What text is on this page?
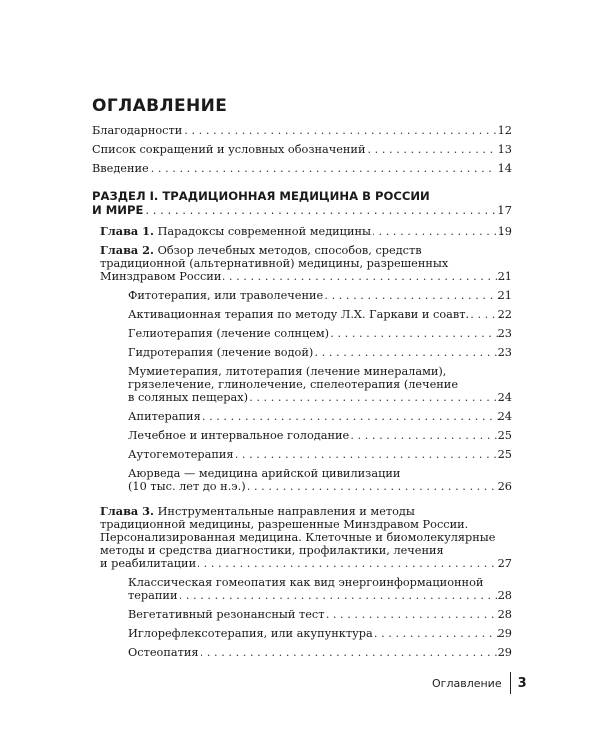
ОГЛАВЛЕНИЕ
Благодарности . . .	12
Список сокращений и условных обозначений . . .	13
Введение . . .	14
РАЗДЕЛ I. ТРАДИЦИОННАЯ МЕДИЦИНА В РОССИИ
И МИРЕ . . .	17
Глава 1. Парадоксы современной медицины . . .	19
Глава 2. Обзор лечебных методов, способов, средств
традиционной (альтернативной) медицины, разрешенных
Минздравом России . . .	21
Фитотерапия, или траволечение . . .	21
Активационная терапия по методу Л.Х. Гаркави и соавт. . . .	22
Гелиотерапия (лечение солнцем) . . .	23
Гидротерапия (лечение водой) . . .	23
Мумиетерапия, литотерапия (лечение минералами),
грязелечение, глинолечение, спелеотерапия (лечение
в соляных пещерах) . . .	24
Апитерапия . . .	24
Лечебное и интервальное голодание . . .	25
Аутогемотерапия . . .	25
Аюрведа — медицина арийской цивилизации
(10 тыс. лет до н.э.) . . .	26
Глава 3. Инструментальные направления и методы
традиционной медицины, разрешенные Минздравом России.
Персонализированная медицина. Клеточные и биомолекулярные
методы и средства диагностики, профилактики, лечения
и реабилитации . . .	27
Классическая гомеопатия как вид энергоинформационной
терапии . . .	28
Вегетативный резонансный тест . . .	28
Иглорефлексотерапия, или акупунктура . . .	29
Остеопатия . . .	29
Оглавление 3
